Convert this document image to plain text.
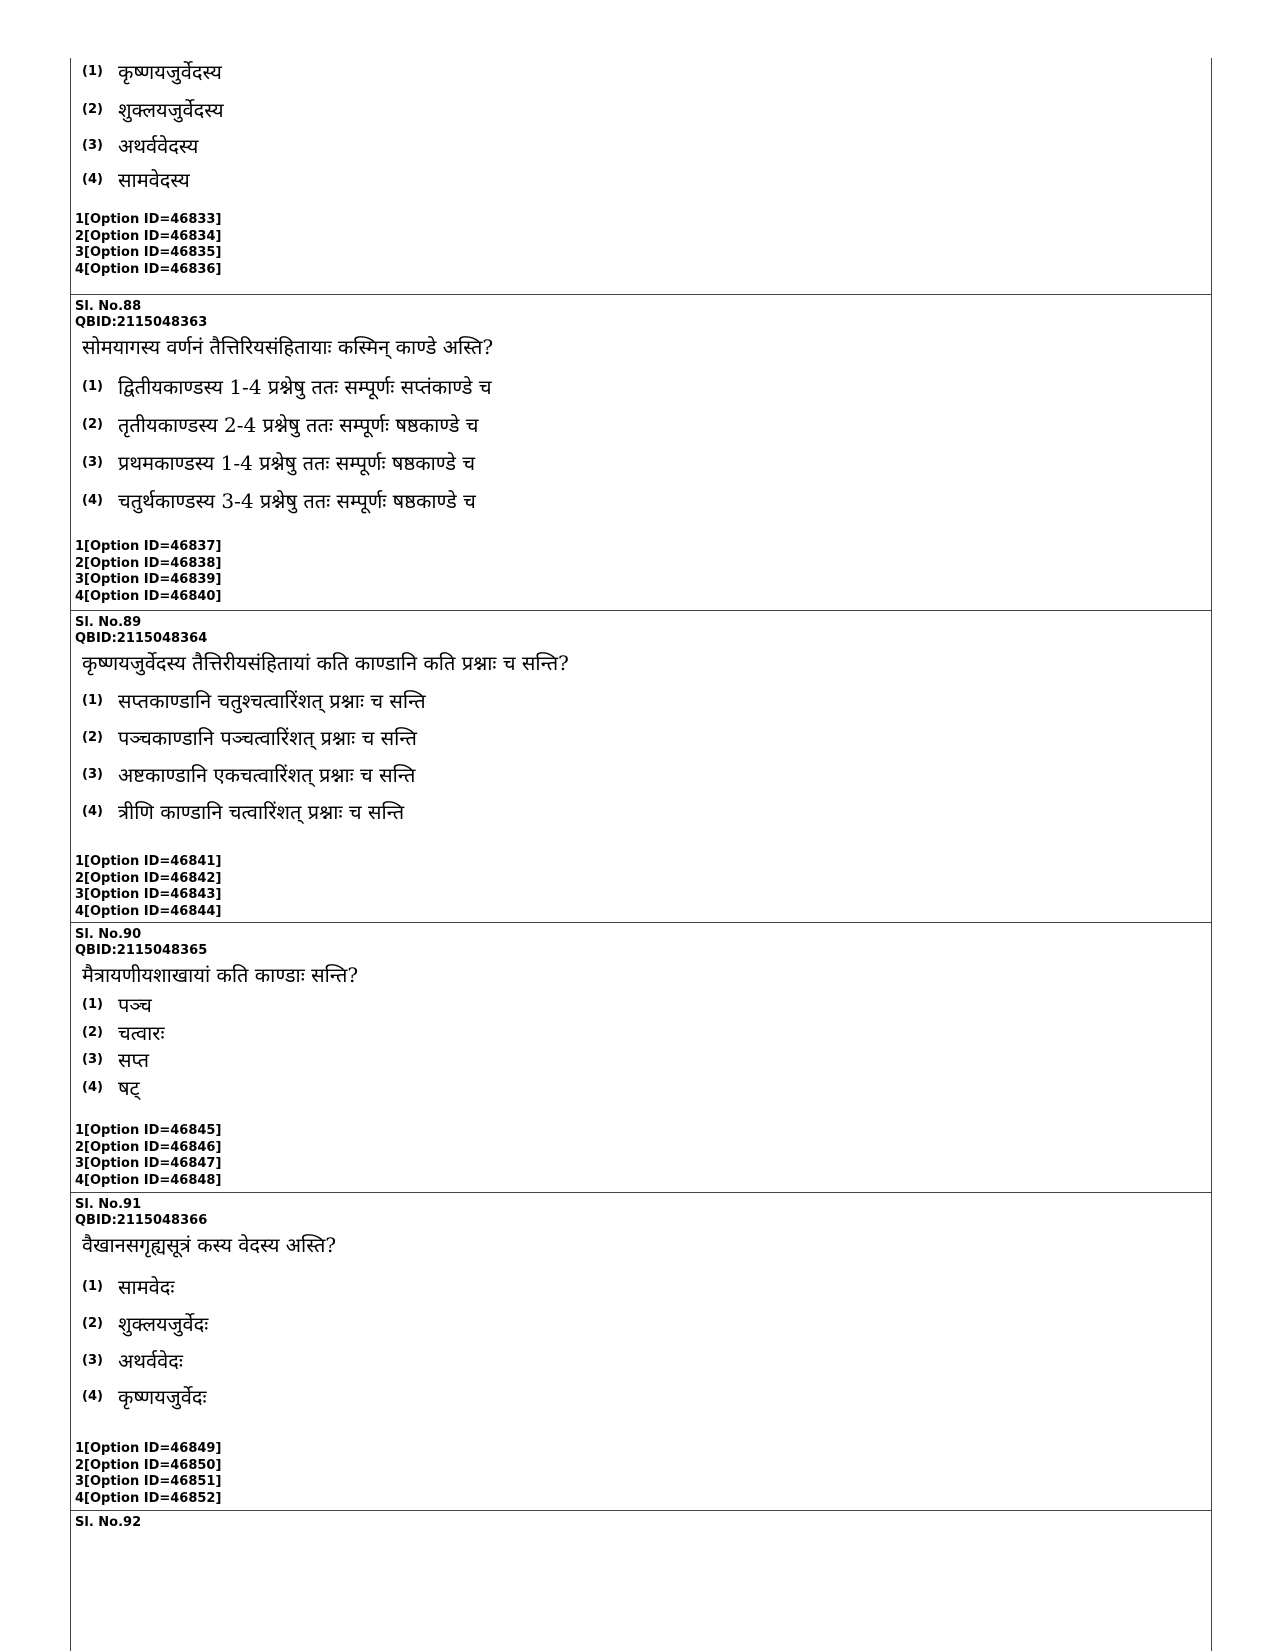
(1) कृष्णयजुर्वेदस्य
(2) शुक्लयजुर्वेदस्य
(3) अथर्ववेदस्य
(4) सामवेदस्य
1[Option ID=46833]
2[Option ID=46834]
3[Option ID=46835]
4[Option ID=46836]
Sl. No.88
QBID:2115048363
सोमयागस्य वर्णनं तैत्तिरियसंहितायाः कस्मिन् काण्डे अस्ति?
(1) द्वितीयकाण्डस्य 1-4 प्रश्नेषु ततः सम्पूर्णः सप्तंकाण्डे च
(2) तृतीयकाण्डस्य 2-4 प्रश्नेषु ततः सम्पूर्णः षष्ठकाण्डे च
(3) प्रथमकाण्डस्य 1-4 प्रश्नेषु ततः सम्पूर्णः षष्ठकाण्डे च
(4) चतुर्थकाण्डस्य 3-4 प्रश्नेषु ततः सम्पूर्णः षष्ठकाण्डे च
1[Option ID=46837]
2[Option ID=46838]
3[Option ID=46839]
4[Option ID=46840]
Sl. No.89
QBID:2115048364
कृष्णयजुर्वेदस्य तैत्तिरीयसंहितायां कति काण्डानि कति प्रश्नाः च सन्ति?
(1) सप्तकाण्डानि चतुश्चत्वारिंशत् प्रश्नाः च सन्ति
(2) पञ्चकाण्डानि पञ्चत्वारिंशत् प्रश्नाः च सन्ति
(3) अष्टकाण्डानि एकचत्वारिंशत् प्रश्नाः च सन्ति
(4) त्रीणि काण्डानि चत्वारिंशत् प्रश्नाः च सन्ति
1[Option ID=46841]
2[Option ID=46842]
3[Option ID=46843]
4[Option ID=46844]
Sl. No.90
QBID:2115048365
मैत्रायणीयशाखायां कति काण्डाः सन्ति?
(1) पञ्च
(2) चत्वारः
(3) सप्त
(4) षट्
1[Option ID=46845]
2[Option ID=46846]
3[Option ID=46847]
4[Option ID=46848]
Sl. No.91
QBID:2115048366
वैखानसगृह्यसूत्रं कस्य वेदस्य अस्ति?
(1) सामवेदः
(2) शुक्लयजुर्वेदः
(3) अथर्ववेदः
(4) कृष्णयजुर्वेदः
1[Option ID=46849]
2[Option ID=46850]
3[Option ID=46851]
4[Option ID=46852]
Sl. No.92
